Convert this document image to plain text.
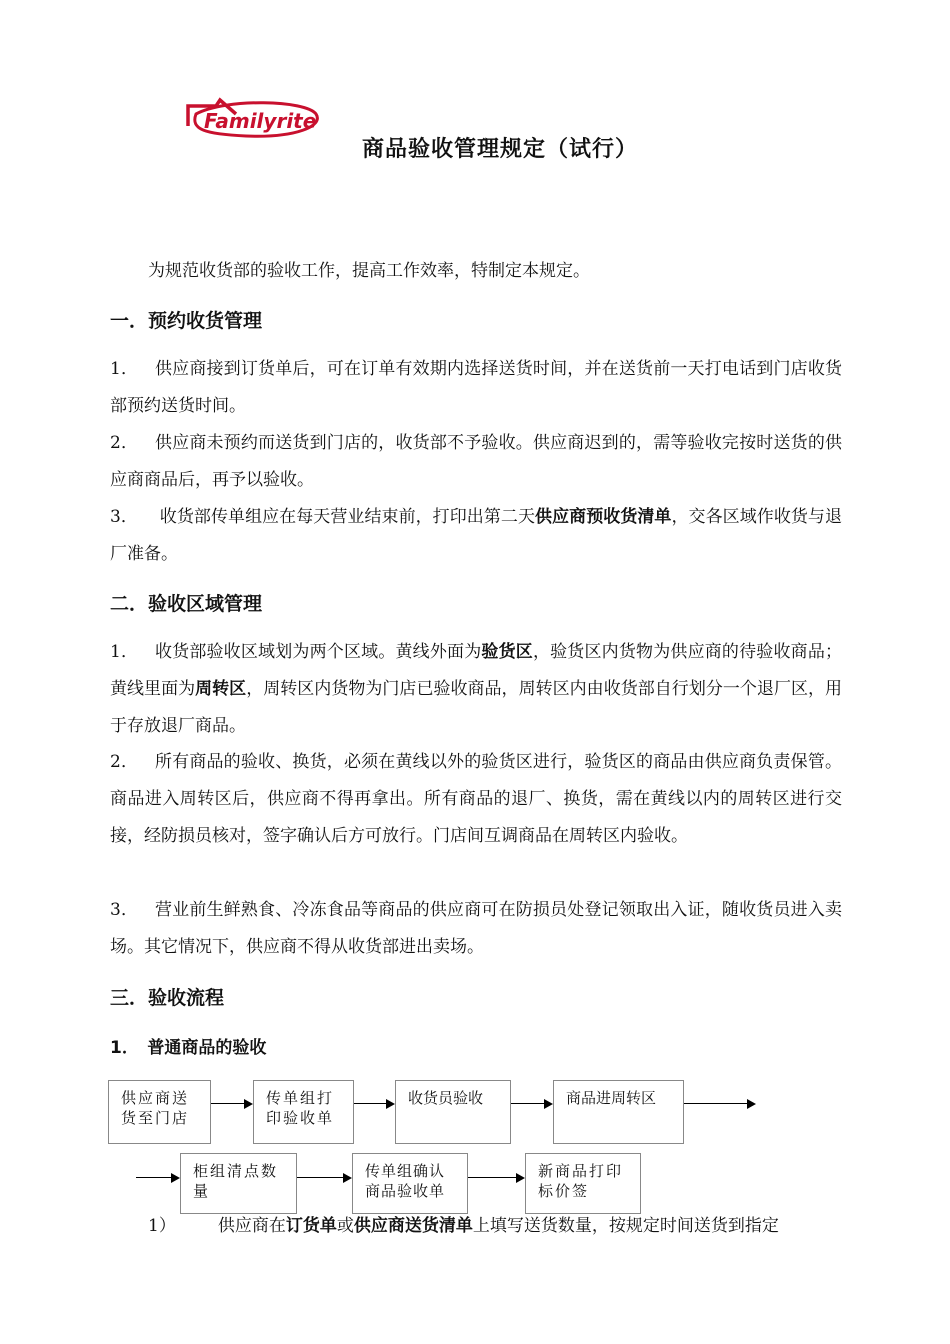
Familyrite
商品验收管理规定（试行）
为规范收货部的验收工作，提高工作效率，特制定本规定。
一．预约收货管理
1． 供应商接到订货单后，可在订单有效期内选择送货时间，并在送货前一天打电话到门店收货部预约送货时间。
2． 供应商未预约而送货到门店的，收货部不予验收。供应商迟到的，需等验收完按时送货的供应商商品后，再予以验收。
3． 收货部传单组应在每天营业结束前，打印出第二天供应商预收货清单，交各区域作收货与退厂准备。
二．验收区域管理
1． 收货部验收区域划为两个区域。黄线外面为验货区，验货区内货物为供应商的待验收商品；黄线里面为周转区，周转区内货物为门店已验收商品，周转区内由收货部自行划分一个退厂区，用于存放退厂商品。
2． 所有商品的验收、换货，必须在黄线以外的验货区进行，验货区的商品由供应商负责保管。商品进入周转区后，供应商不得再拿出。所有商品的退厂、换货，需在黄线以内的周转区进行交接，经防损员核对，签字确认后方可放行。门店间互调商品在周转区内验收。
3． 营业前生鲜熟食、冷冻食品等商品的供应商可在防损员处登记领取出入证，随收货员进入卖场。其它情况下，供应商不得从收货部进出卖场。
三．验收流程
1．　普通商品的验收
供应商送货至门店
传单组打印验收单
收货员验收	商品进周转区
柜组清点数量
传单组确认商品验收单
新商品打印标价签
1） 供应商在订货单或供应商送货清单上填写送货数量，按规定时间送货到指定
